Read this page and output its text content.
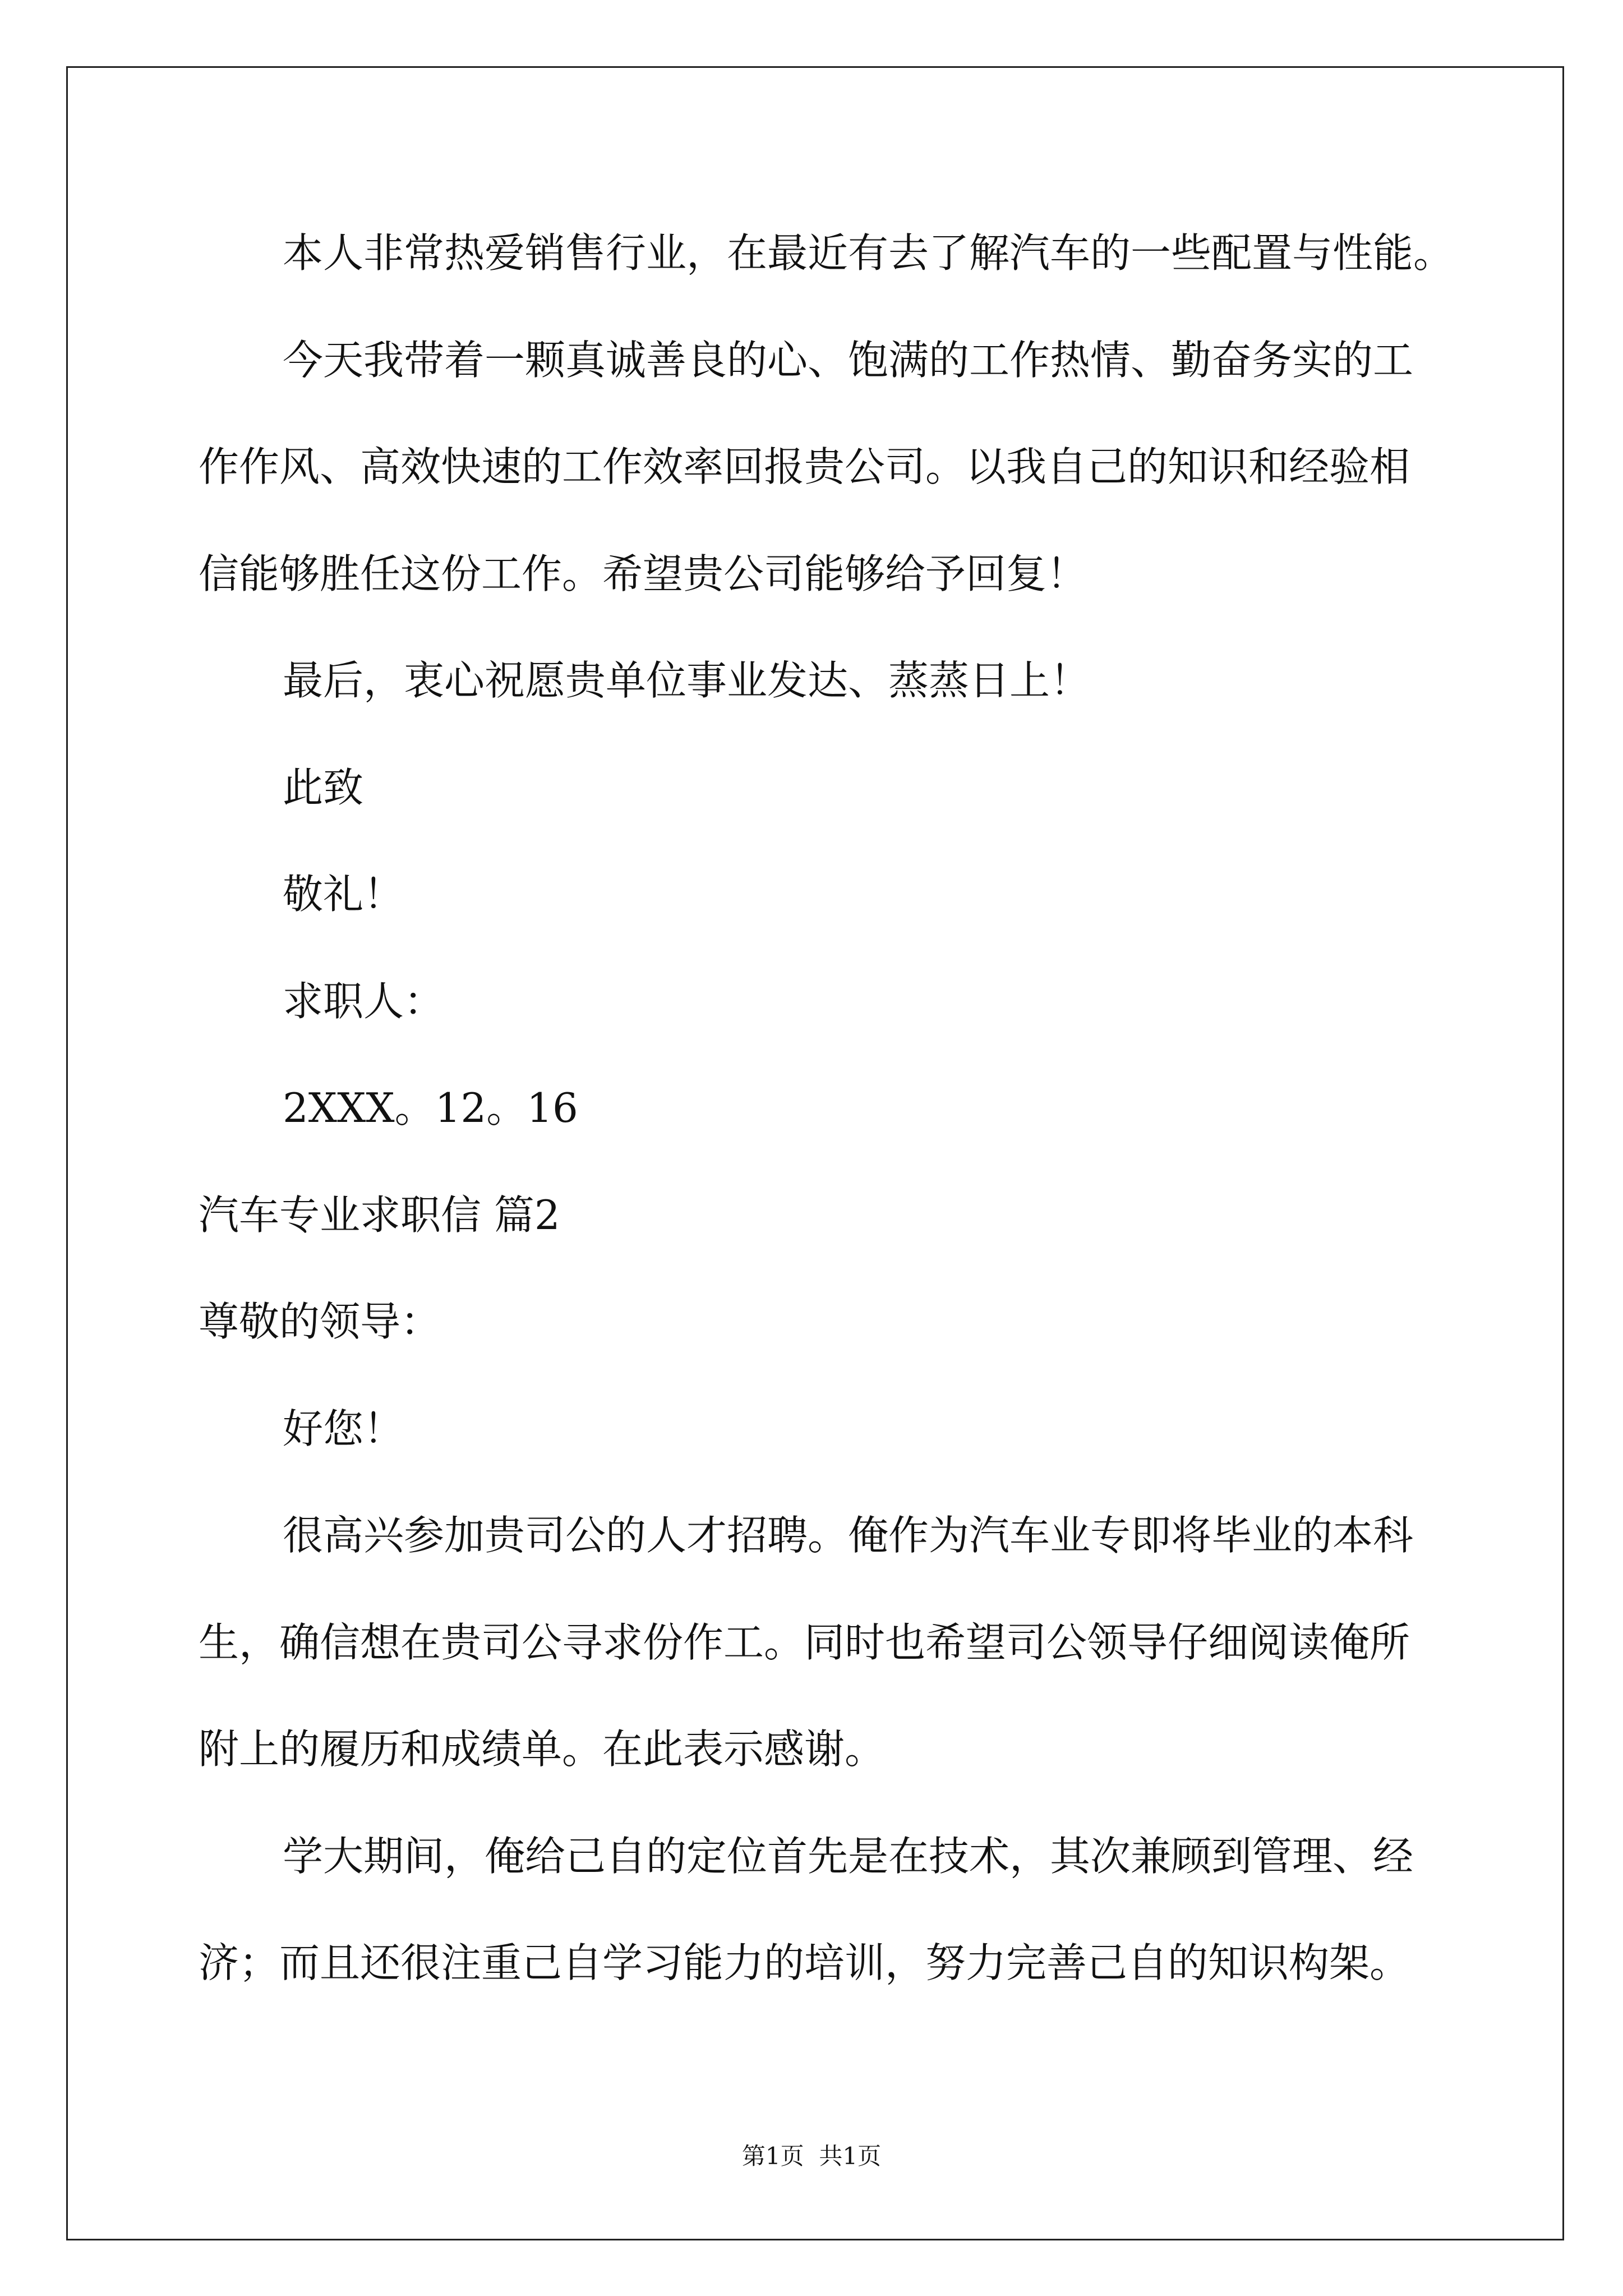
本人非常热爱销售行业，在最近有去了解汽车的一些配置与性能。
今天我带着一颗真诚善良的心、饱满的工作热情、勤奋务实的工
作作风、高效快速的工作效率回报贵公司。以我自己的知识和经验相
信能够胜任这份工作。希望贵公司能够给予回复！
最后，衷心祝愿贵单位事业发达、蒸蒸日上！
此致
敬礼！
求职人：
2XXX。12。16
汽车专业求职信 篇2
尊敬的领导：
好您！
很高兴参加贵司公的人才招聘。俺作为汽车业专即将毕业的本科
生，确信想在贵司公寻求份作工。同时也希望司公领导仔细阅读俺所
附上的履历和成绩单。在此表示感谢。
学大期间，俺给己自的定位首先是在技术，其次兼顾到管理、经
济；而且还很注重己自学习能力的培训，努力完善己自的知识构架。
第1页  共1页
